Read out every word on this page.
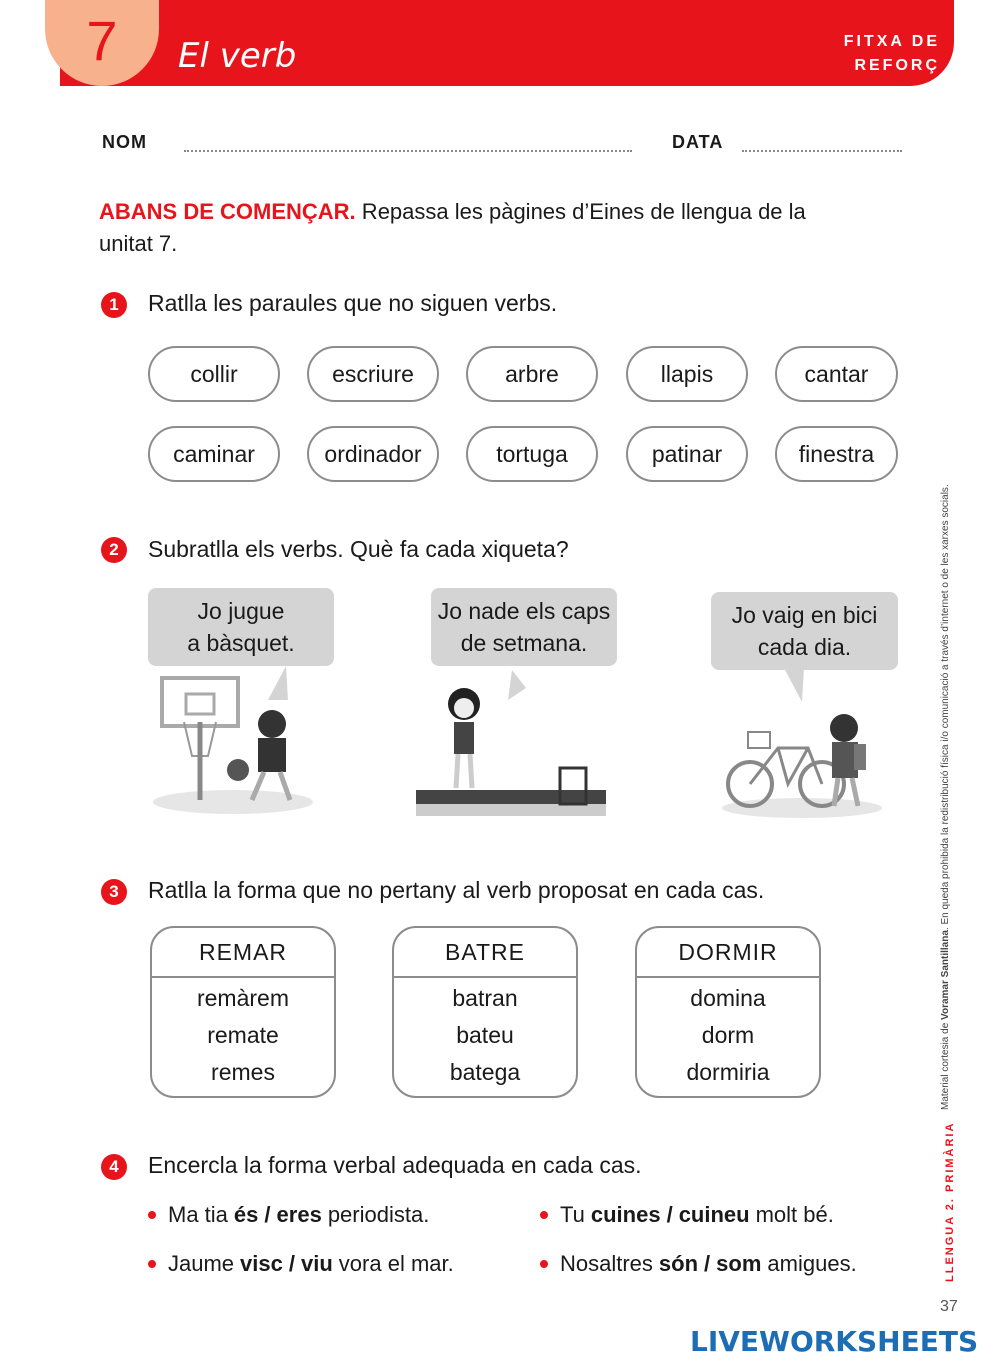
7	El verb	FITXA DE REFORÇ
NOM	DATA
ABANS DE COMENÇAR. Repassa les pàgines d’Eines de llengua de la unitat 7.
1	Ratlla les paraules que no siguen verbs.
collir	escriure	arbre	llapis	cantar
caminar	ordinador	tortuga	patinar	finestra
2	Subratlla els verbs. Què fa cada xiqueta?
Jo jugue
a bàsquet.
Jo nade els caps
de setmana.
Jo vaig en bici
cada dia.
3	Ratlla la forma que no pertany al verb proposat en cada cas.
REMAR
remàrem
remate
remes
BATRE
batran
bateu
batega
DORMIR
domina
dorm
dormiria
4	Encercla la forma verbal adequada en cada cas.
Ma tia és / eres periodista.	Tu cuines / cuineu molt bé.
Jaume visc / viu vora el mar.	Nosaltres són / som amigues.
Material cortesia de Voramar Santillana. En queda prohibida la redistribució física i/o comunicació a través d’internet o de les xarxes socials.
LLENGUA 2. PRIMÀRIA
37
LIVEWORKSHEETS
